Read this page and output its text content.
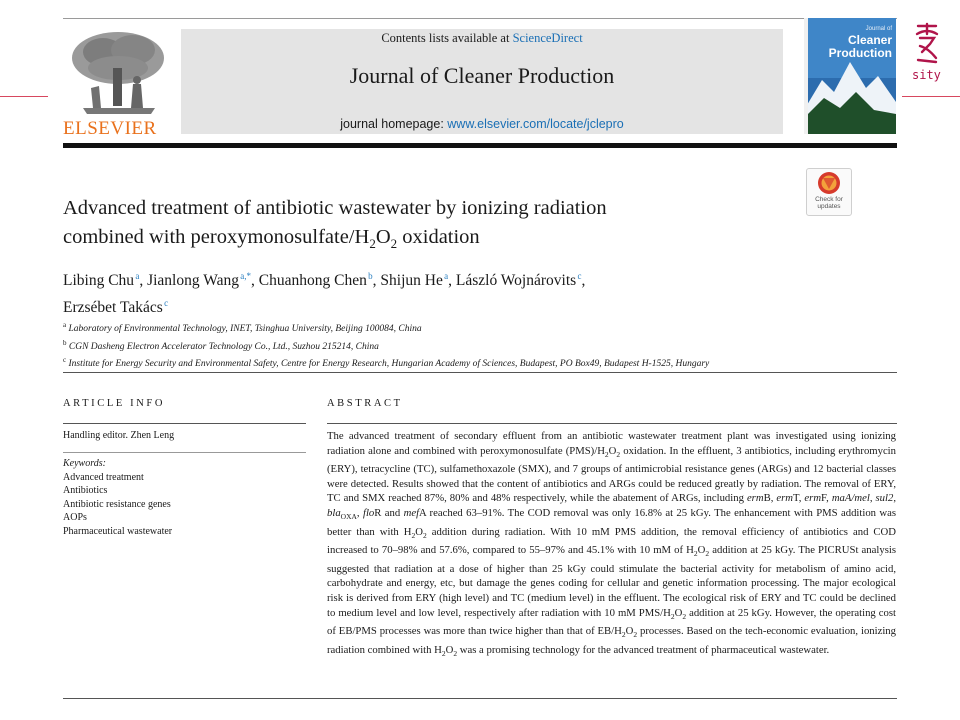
sity
ELSEVIER
Contents lists available at ScienceDirect
Journal of Cleaner Production
journal homepage: www.elsevier.com/locate/jclepro
Journal of
Cleaner
Production
Check for
updates
Advanced treatment of antibiotic wastewater by ionizing radiation
combined with peroxymonosulfate/$H_2O_2$ oxidation
Libing Chu $^a$, Jianlong Wang $^{a,*}$, Chuanhong Chen $^b$, Shijun He $^a$, László Wojnárovits $^c$,
Erzsébet Takács $^c$
$^a$ Laboratory of Environmental Technology, INET, Tsinghua University, Beijing 100084, China
$^b$ CGN Dasheng Electron Accelerator Technology Co., Ltd., Suzhou 215214, China
$^c$ Institute for Energy Security and Environmental Safety, Centre for Energy Research, Hungarian Academy of Sciences, Budapest, PO Box49, Budapest H-1525, Hungary
ARTICLE INFO
Handling editor. Zhen Leng
Keywords:
Advanced treatment
Antibiotics
Antibiotic resistance genes
AOPs
Pharmaceutical wastewater
ABSTRACT
The advanced treatment of secondary effluent from an antibiotic wastewater treatment plant was investigated using ionizing radiation alone and combined with peroxymonosulfate $(PMS)/H_2O_2$ oxidation. In the effluent, 3 antibiotics, including erythromycin (ERY), tetracycline (TC), sulfamethoxazole (SMX), and 7 groups of antimicrobial resistance genes (ARGs) and 12 bacterial classes were detected. Results showed that the content of antibiotics and ARGs could be reduced greatly by radiation. The removal of ERY, TC and SMX reached 87%, 80% and 48% respectively, while the abatement of ARGs, including ermB, ermT, ermF, maA/mel, sul2, bla$_{OXA}$, floR and mefA reached 63–91%. The COD removal was only 16.8% at 25 kGy. The enhancement with PMS addition was better than with $H_2O_2$ addition during radiation. With 10 mM PMS addition, the removal efficiency of antibiotics and COD increased to 70–98% and 57.6%, compared to 55–97% and 45.1% with 10 mM of $H_2O_2$ addition at 25 kGy. The PICRUSt analysis suggested that radiation at a dose of higher than 25 kGy could stimulate the bacterial activity for metabolism of amino acid, carbohydrate and energy, etc, but damage the genes coding for cellular and genetic information processing. The major ecological risk is derived from ERY (high level) and TC (medium level) in the effluent. The ecological risk of ERY and TC could be declined to medium level and low level, respectively after radiation with 10 mM PMS/$H_2O_2$ addition at 25 kGy. However, the operating cost of EB/PMS processes was more than twice higher than that of $EB/H_2O_2$ processes. Based on the tech-economic evaluation, ionizing radiation combined with $H_2O_2$ was a promising technology for the advanced treatment of pharmaceutical wastewater.
